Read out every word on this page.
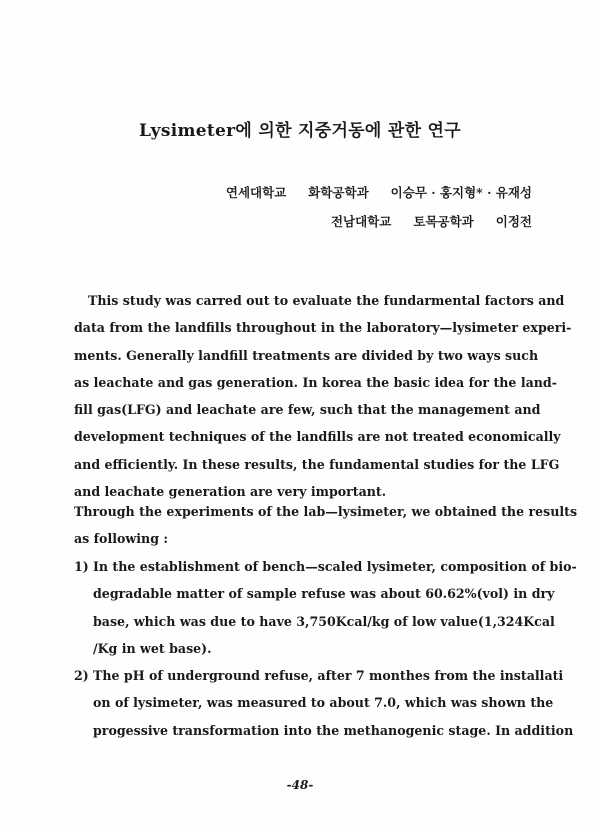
Lysimeter에 의한 지중거동에 관한 연구
연세대학교 화학공학과 이승무 · 홍지형* · 유재성
전남대학교 토목공학과 이정전
This study was carred out to evaluate the fundarmental factors and
data from the landfills throughout in the laboratory—lysimeter experi-
ments. Generally landfill treatments are divided by two ways such
as leachate and gas generation. In korea the basic idea for the land-
fill gas(LFG) and leachate are few, such that the management and
development techniques of the landfills are not treated economically
and efficiently. In these results, the fundamental studies for the LFG
and leachate generation are very important.
Through the experiments of the lab—lysimeter, we obtained the results
as following :
1) In the establishment of bench—scaled lysimeter, composition of bio-
degradable matter of sample refuse was about 60.62%(vol) in dry
base, which was due to have 3,750Kcal/kg of low value(1,324Kcal
/Kg in wet base).
2) The pH of underground refuse, after 7 monthes from the installati
on of lysimeter, was measured to about 7.0, which was shown the
progessive transformation into the methanogenic stage. In addition
-48-
